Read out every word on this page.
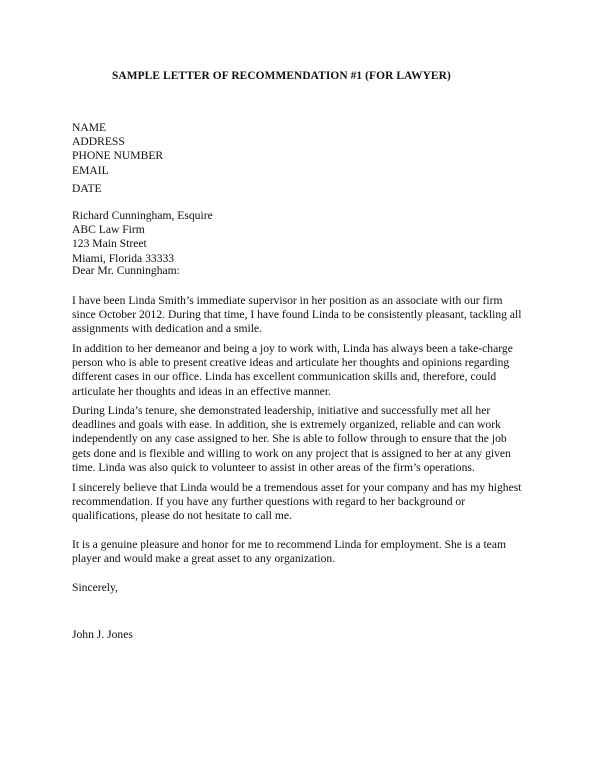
SAMPLE LETTER OF RECOMMENDATION #1 (FOR LAWYER)
NAME
ADDRESS
PHONE NUMBER
EMAIL
DATE
Richard Cunningham, Esquire
ABC Law Firm
123 Main Street
Miami, Florida 33333
Dear Mr. Cunningham:
I have been Linda Smith’s immediate supervisor in her position as an associate with our firm
since October 2012. During that time, I have found Linda to be consistently pleasant, tackling all
assignments with dedication and a smile.
In addition to her demeanor and being a joy to work with, Linda has always been a take-charge
person who is able to present creative ideas and articulate her thoughts and opinions regarding
different cases in our office. Linda has excellent communication skills and, therefore, could
articulate her thoughts and ideas in an effective manner.
During Linda’s tenure, she demonstrated leadership, initiative and successfully met all her
deadlines and goals with ease. In addition, she is extremely organized, reliable and can work
independently on any case assigned to her. She is able to follow through to ensure that the job
gets done and is flexible and willing to work on any project that is assigned to her at any given
time. Linda was also quick to volunteer to assist in other areas of the firm’s operations.
I sincerely believe that Linda would be a tremendous asset for your company and has my highest
recommendation. If you have any further questions with regard to her background or
qualifications, please do not hesitate to call me.
It is a genuine pleasure and honor for me to recommend Linda for employment. She is a team
player and would make a great asset to any organization.
Sincerely,
John J. Jones
